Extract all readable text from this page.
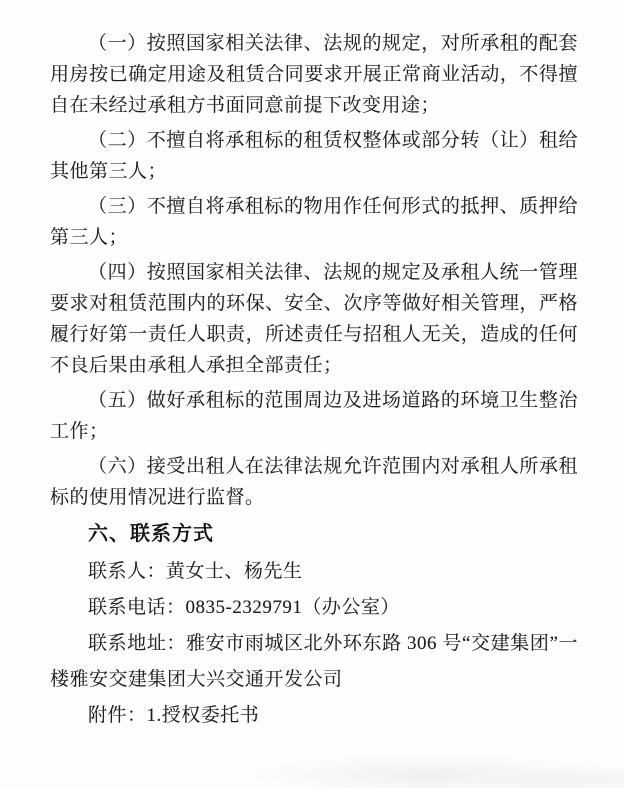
（一）按照国家相关法律、法规的规定，对所承租的配套用房按已确定用途及租赁合同要求开展正常商业活动，不得擅自在未经过承租方书面同意前提下改变用途；

（二）不擅自将承租标的租赁权整体或部分转（让）租给其他第三人；

（三）不擅自将承租标的物用作任何形式的抵押、质押给第三人；

（四）按照国家相关法律、法规的规定及承租人统一管理要求对租赁范围内的环保、安全、次序等做好相关管理，严格履行好第一责任人职责，所述责任与招租人无关，造成的任何不良后果由承租人承担全部责任；

（五）做好承租标的范围周边及进场道路的环境卫生整治工作；

（六）接受出租人在法律法规允许范围内对承租人所承租标的使用情况进行监督。

六、联系方式

联系人：黄女士、杨先生

联系电话：0835-2329791（办公室）

联系地址：雅安市雨城区北外环东路 306 号“交建集团”一楼雅安交建集团大兴交通开发公司

附件：1.授权委托书
